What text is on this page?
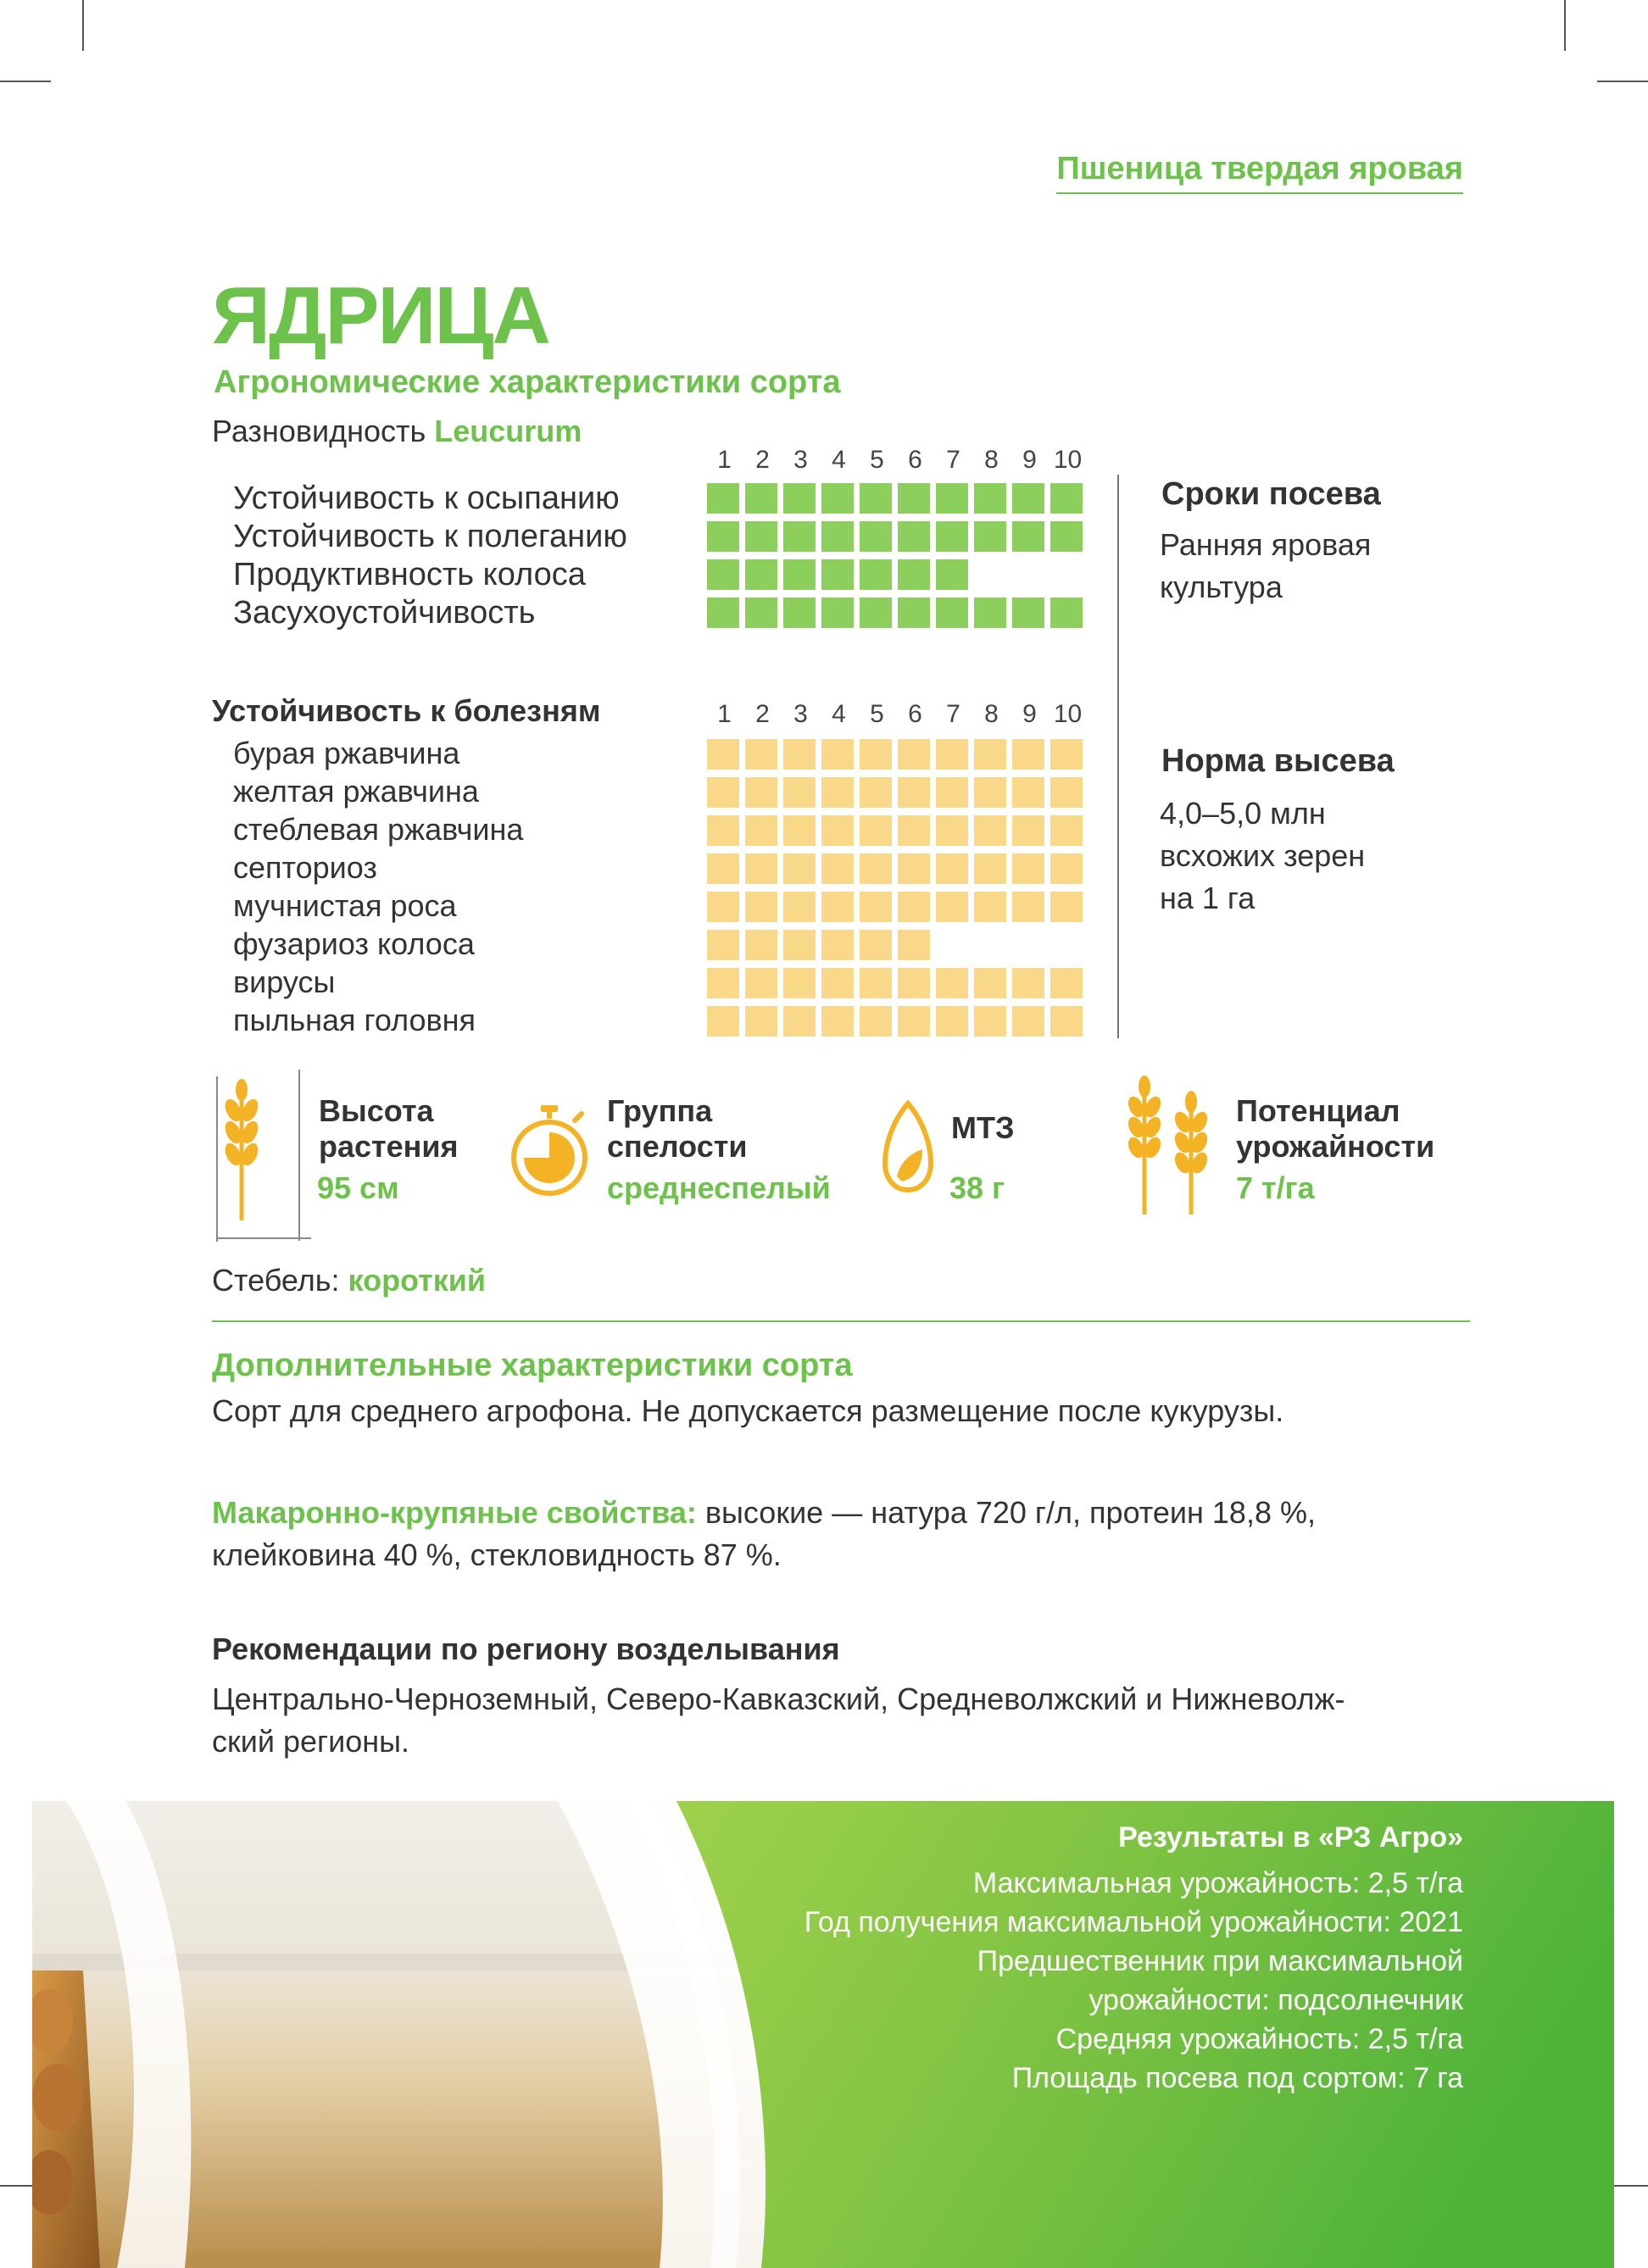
Пшеница твердая яровая
ЯДРИЦА
Агрономические характеристики сорта
Разновидность Leucurum
1 2 3 4 5 6 7 8 9 10
Устойчивость к осыпанию
Устойчивость к полеганию
Продуктивность колоса
Засухоустойчивость
Устойчивость к болезням	1 2 3 4 5 6 7 8 9 10
бурая ржавчина
желтая ржавчина
стеблевая ржавчина
септориоз
мучнистая роса
фузариоз колоса
вирусы
пыльная головня
Сроки посева
Ранняя яровая
культура
Норма высева
4,0–5,0 млн
всхожих зерен
на 1 га
Высота
растения
95 см
Группа
спелости
среднеспелый
МТЗ
38 г
Потенциал
урожайности
7 т/га
Стебель: короткий
Дополнительные характеристики сорта
Сорт для среднего агрофона. Не допускается размещение после кукурузы.
Макаронно-крупяные свойства: высокие — натура 720 г/л, протеин 18,8 %,
клейковина 40 %, стекловидность 87 %.
Рекомендации по региону возделывания
Центрально-Черноземный, Северо-Кавказский, Средневолжский и Нижневолж-
ский регионы.
Результаты в «РЗ Агро»
Максимальная урожайность: 2,5 т/га
Год получения максимальной урожайности: 2021
Предшественник при максимальной
урожайности: подсолнечник
Средняя урожайность: 2,5 т/га
Площадь посева под сортом: 7 га
